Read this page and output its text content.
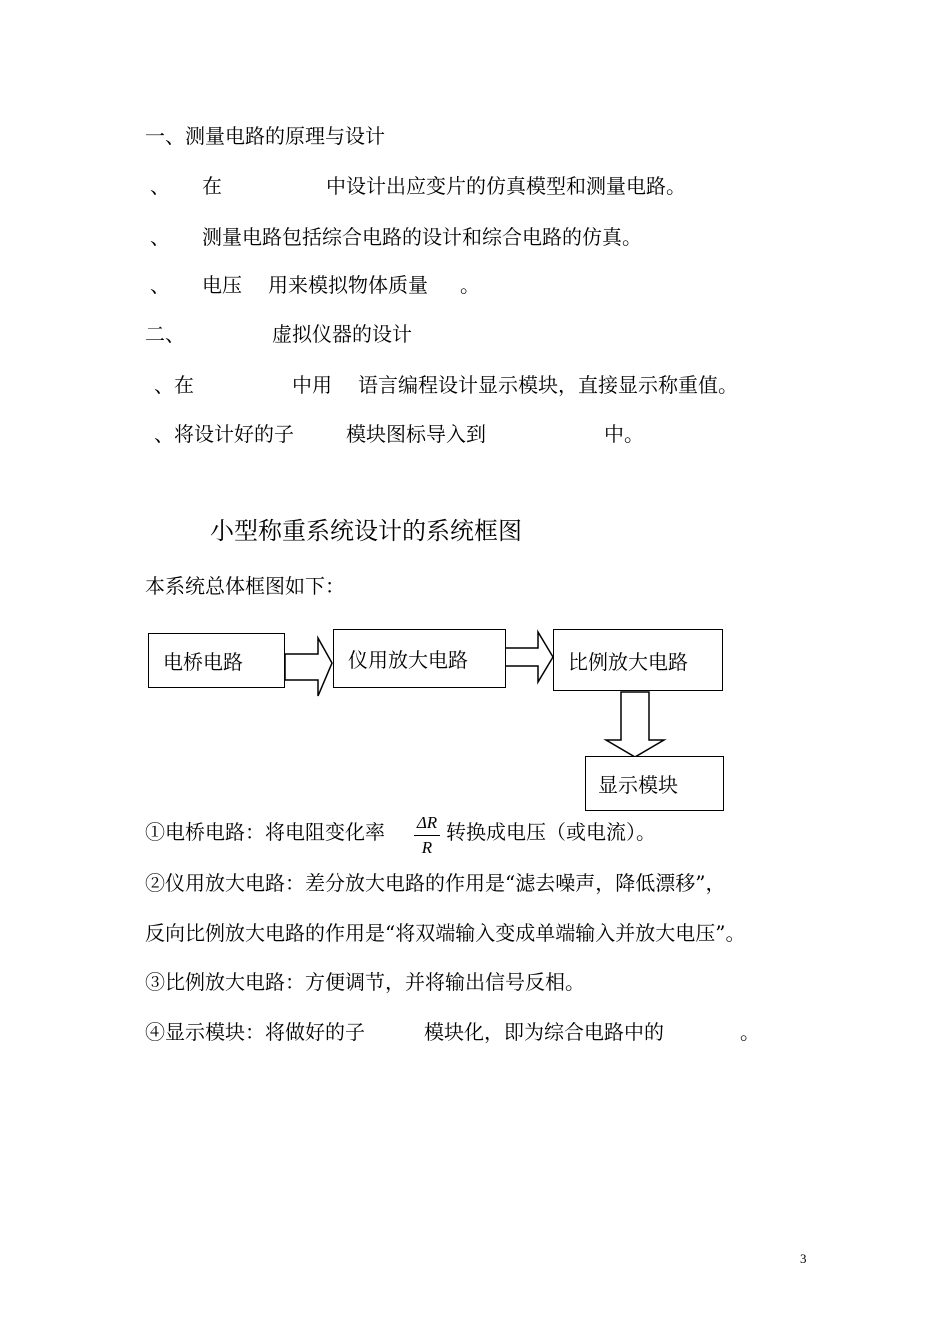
一、测量电路的原理与设计
、 在	中设计出应变片的仿真模型和测量电路。
、 测量电路包括综合电路的设计和综合电路的仿真。
、 电压 用来模拟物体质量 。
二、	虚拟仪器的设计
、在	中用 语言编程设计显示模块，直接显示称重值。
、将设计好的子	模块图标导入到	中。
小型称重系统设计的系统框图
本系统总体框图如下：
电桥电路	仪用放大电路	比例放大电路
显示模块
①电桥电路：将电阻变化率 ΔR
R
转换成电压（或电流）。
②仪用放大电路：差分放大电路的作用是“滤去噪声，降低漂移”，
反向比例放大电路的作用是“将双端输入变成单端输入并放大电压”。
③比例放大电路：方便调节，并将输出信号反相。
④显示模块：将做好的子	模块化，即为综合电路中的	。
3
